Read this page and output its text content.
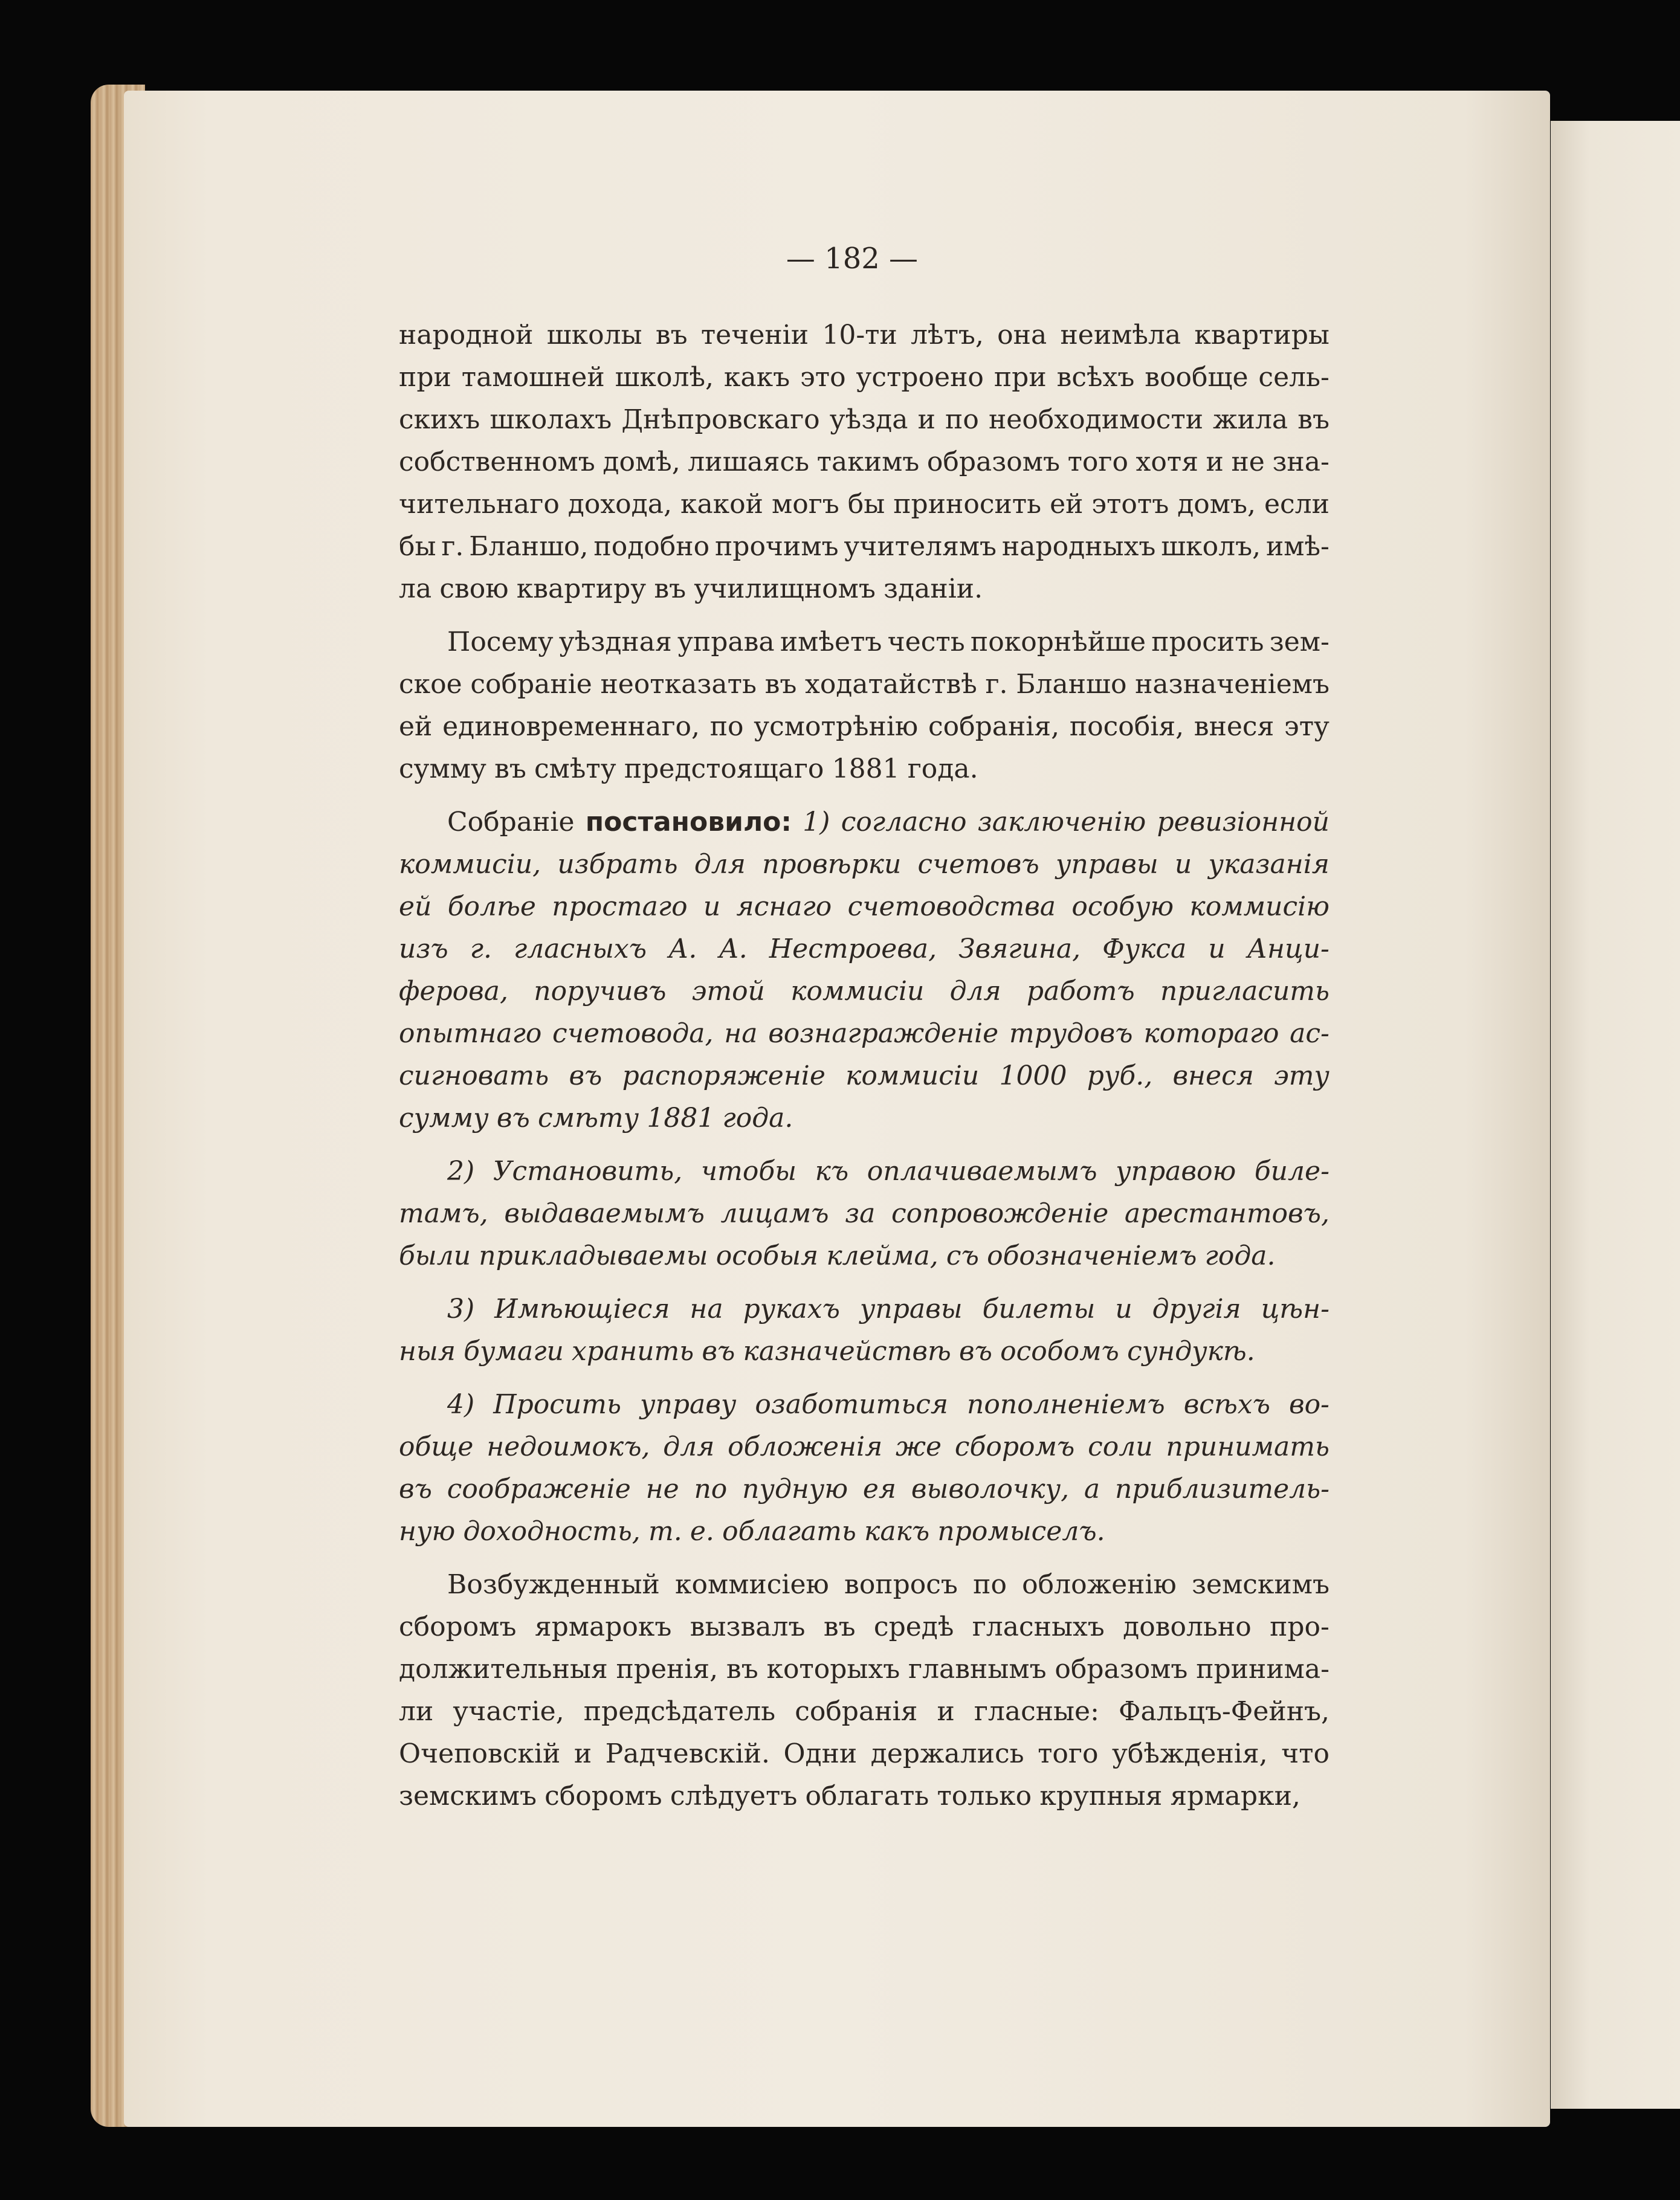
— 182 —
народной школы въ теченіи 10-ти лѣтъ, она неимѣла квартиры
при тамошней школѣ, какъ это устроено при всѣхъ вообще сель-
скихъ школахъ Днѣпровскаго уѣзда и по необходимости жила въ
собственномъ домѣ, лишаясь такимъ образомъ того хотя и не зна-
чительнаго дохода, какой могъ бы приносить ей этотъ домъ, если
бы г. Бланшо, подобно прочимъ учителямъ народныхъ школъ, имѣ-
ла свою квартиру въ училищномъ зданіи.
Посему уѣздная управа имѣетъ честь покорнѣйше просить зем-
ское собраніе неотказать въ ходатайствѣ г. Бланшо назначеніемъ
ей единовременнаго, по усмотрѣнію собранія, пособія, внеся эту
сумму въ смѣту предстоящаго 1881 года.
Собраніе постановило: 1) согласно заключенію ревизіонной
коммисіи, избрать для провѣрки счетовъ управы и указанія
ей болѣе простаго и яснаго счетоводства особую коммисію
изъ г. гласныхъ А. А. Нестроева, Звягина, Фукса и Анци-
ферова, поручивъ этой коммисіи для работъ пригласить
опытнаго счетовода, на вознагражденіе трудовъ котораго ас-
сигновать въ распоряженіе коммисіи 1000 руб., внеся эту
сумму въ смѣту 1881 года.
2) Установить, чтобы къ оплачиваемымъ управою биле-
тамъ, выдаваемымъ лицамъ за сопровожденіе арестантовъ,
были прикладываемы особыя клейма, съ обозначеніемъ года.
3) Имѣющіеся на рукахъ управы билеты и другія цѣн-
ныя бумаги хранить въ казначействѣ въ особомъ сундукѣ.
4) Просить управу озаботиться пополненіемъ всѣхъ во-
обще недоимокъ, для обложенія же сборомъ соли принимать
въ соображеніе не по пудную ея выволочку, а приблизитель-
ную доходность, т. е. облагать какъ промыселъ.
Возбужденный коммисіею вопросъ по обложенію земскимъ
сборомъ ярмарокъ вызвалъ въ средѣ гласныхъ довольно про-
должительныя пренія, въ которыхъ главнымъ образомъ принима-
ли участіе, предсѣдатель собранія и гласные: Фальцъ-Фейнъ,
Очеповскій и Радчевскій. Одни держались того убѣжденія, что
земскимъ сборомъ слѣдуетъ облагать только крупныя ярмарки,
